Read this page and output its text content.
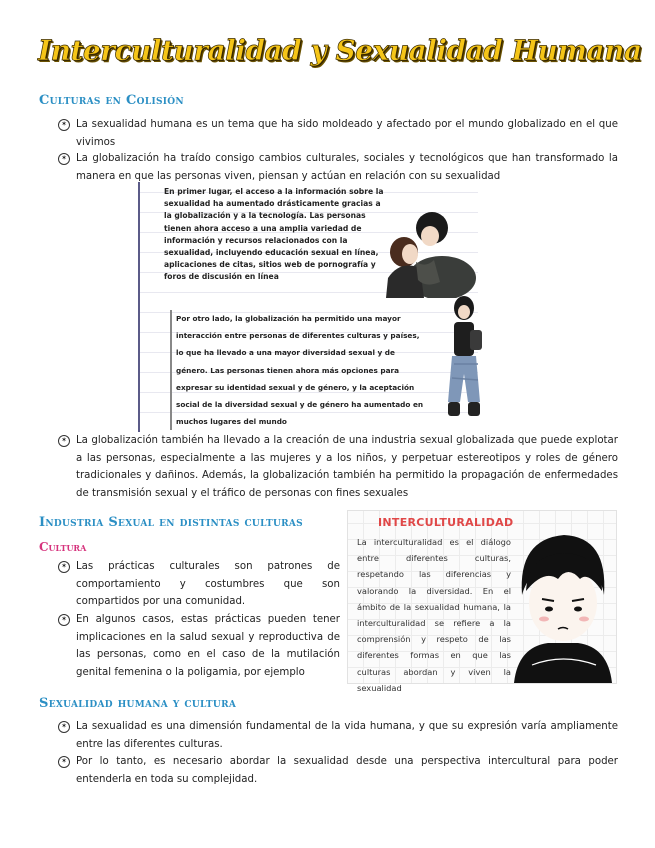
Interculturalidad y Sexualidad Humana
Culturas en Colisión
✶ La sexualidad humana es un tema que ha sido moldeado y afectado por el mundo globalizado en el que vivimos
✶ La globalización ha traído consigo cambios culturales, sociales y tecnológicos que han transformado la manera en que las personas viven, piensan y actúan en relación con su sexualidad
En primer lugar, el acceso a la información sobre la sexualidad ha aumentado drásticamente gracias a la globalización y a la tecnología. Las personas tienen ahora acceso a una amplia variedad de información y recursos relacionados con la sexualidad, incluyendo educación sexual en línea, aplicaciones de citas, sitios web de pornografía y foros de discusión en línea
Por otro lado, la globalización ha permitido una mayor interacción entre personas de diferentes culturas y países, lo que ha llevado a una mayor diversidad sexual y de género. Las personas tienen ahora más opciones para expresar su identidad sexual y de género, y la aceptación social de la diversidad sexual y de género ha aumentado en muchos lugares del mundo
✶ La globalización también ha llevado a la creación de una industria sexual globalizada que puede explotar a las personas, especialmente a las mujeres y a los niños, y perpetuar estereotipos y roles de género tradicionales y dañinos. Además, la globalización también ha permitido la propagación de enfermedades de transmisión sexual y el tráfico de personas con fines sexuales
Industria Sexual en distintas culturas
Cultura
✶ Las prácticas culturales son patrones de comportamiento y costumbres que son compartidos por una comunidad.
✶ En algunos casos, estas prácticas pueden tener implicaciones en la salud sexual y reproductiva de las personas, como en el caso de la mutilación genital femenina o la poligamia, por ejemplo
INTERCULTURALIDAD
La interculturalidad es el diálogo entre diferentes culturas, respetando las diferencias y valorando la diversidad. En el ámbito de la sexualidad humana, la interculturalidad se refiere a la comprensión y respeto de las diferentes formas en que las culturas abordan y viven la sexualidad
Sexualidad humana y cultura
✶ La sexualidad es una dimensión fundamental de la vida humana, y que su expresión varía ampliamente entre las diferentes culturas.
✶ Por lo tanto, es necesario abordar la sexualidad desde una perspectiva intercultural para poder entenderla en toda su complejidad.
